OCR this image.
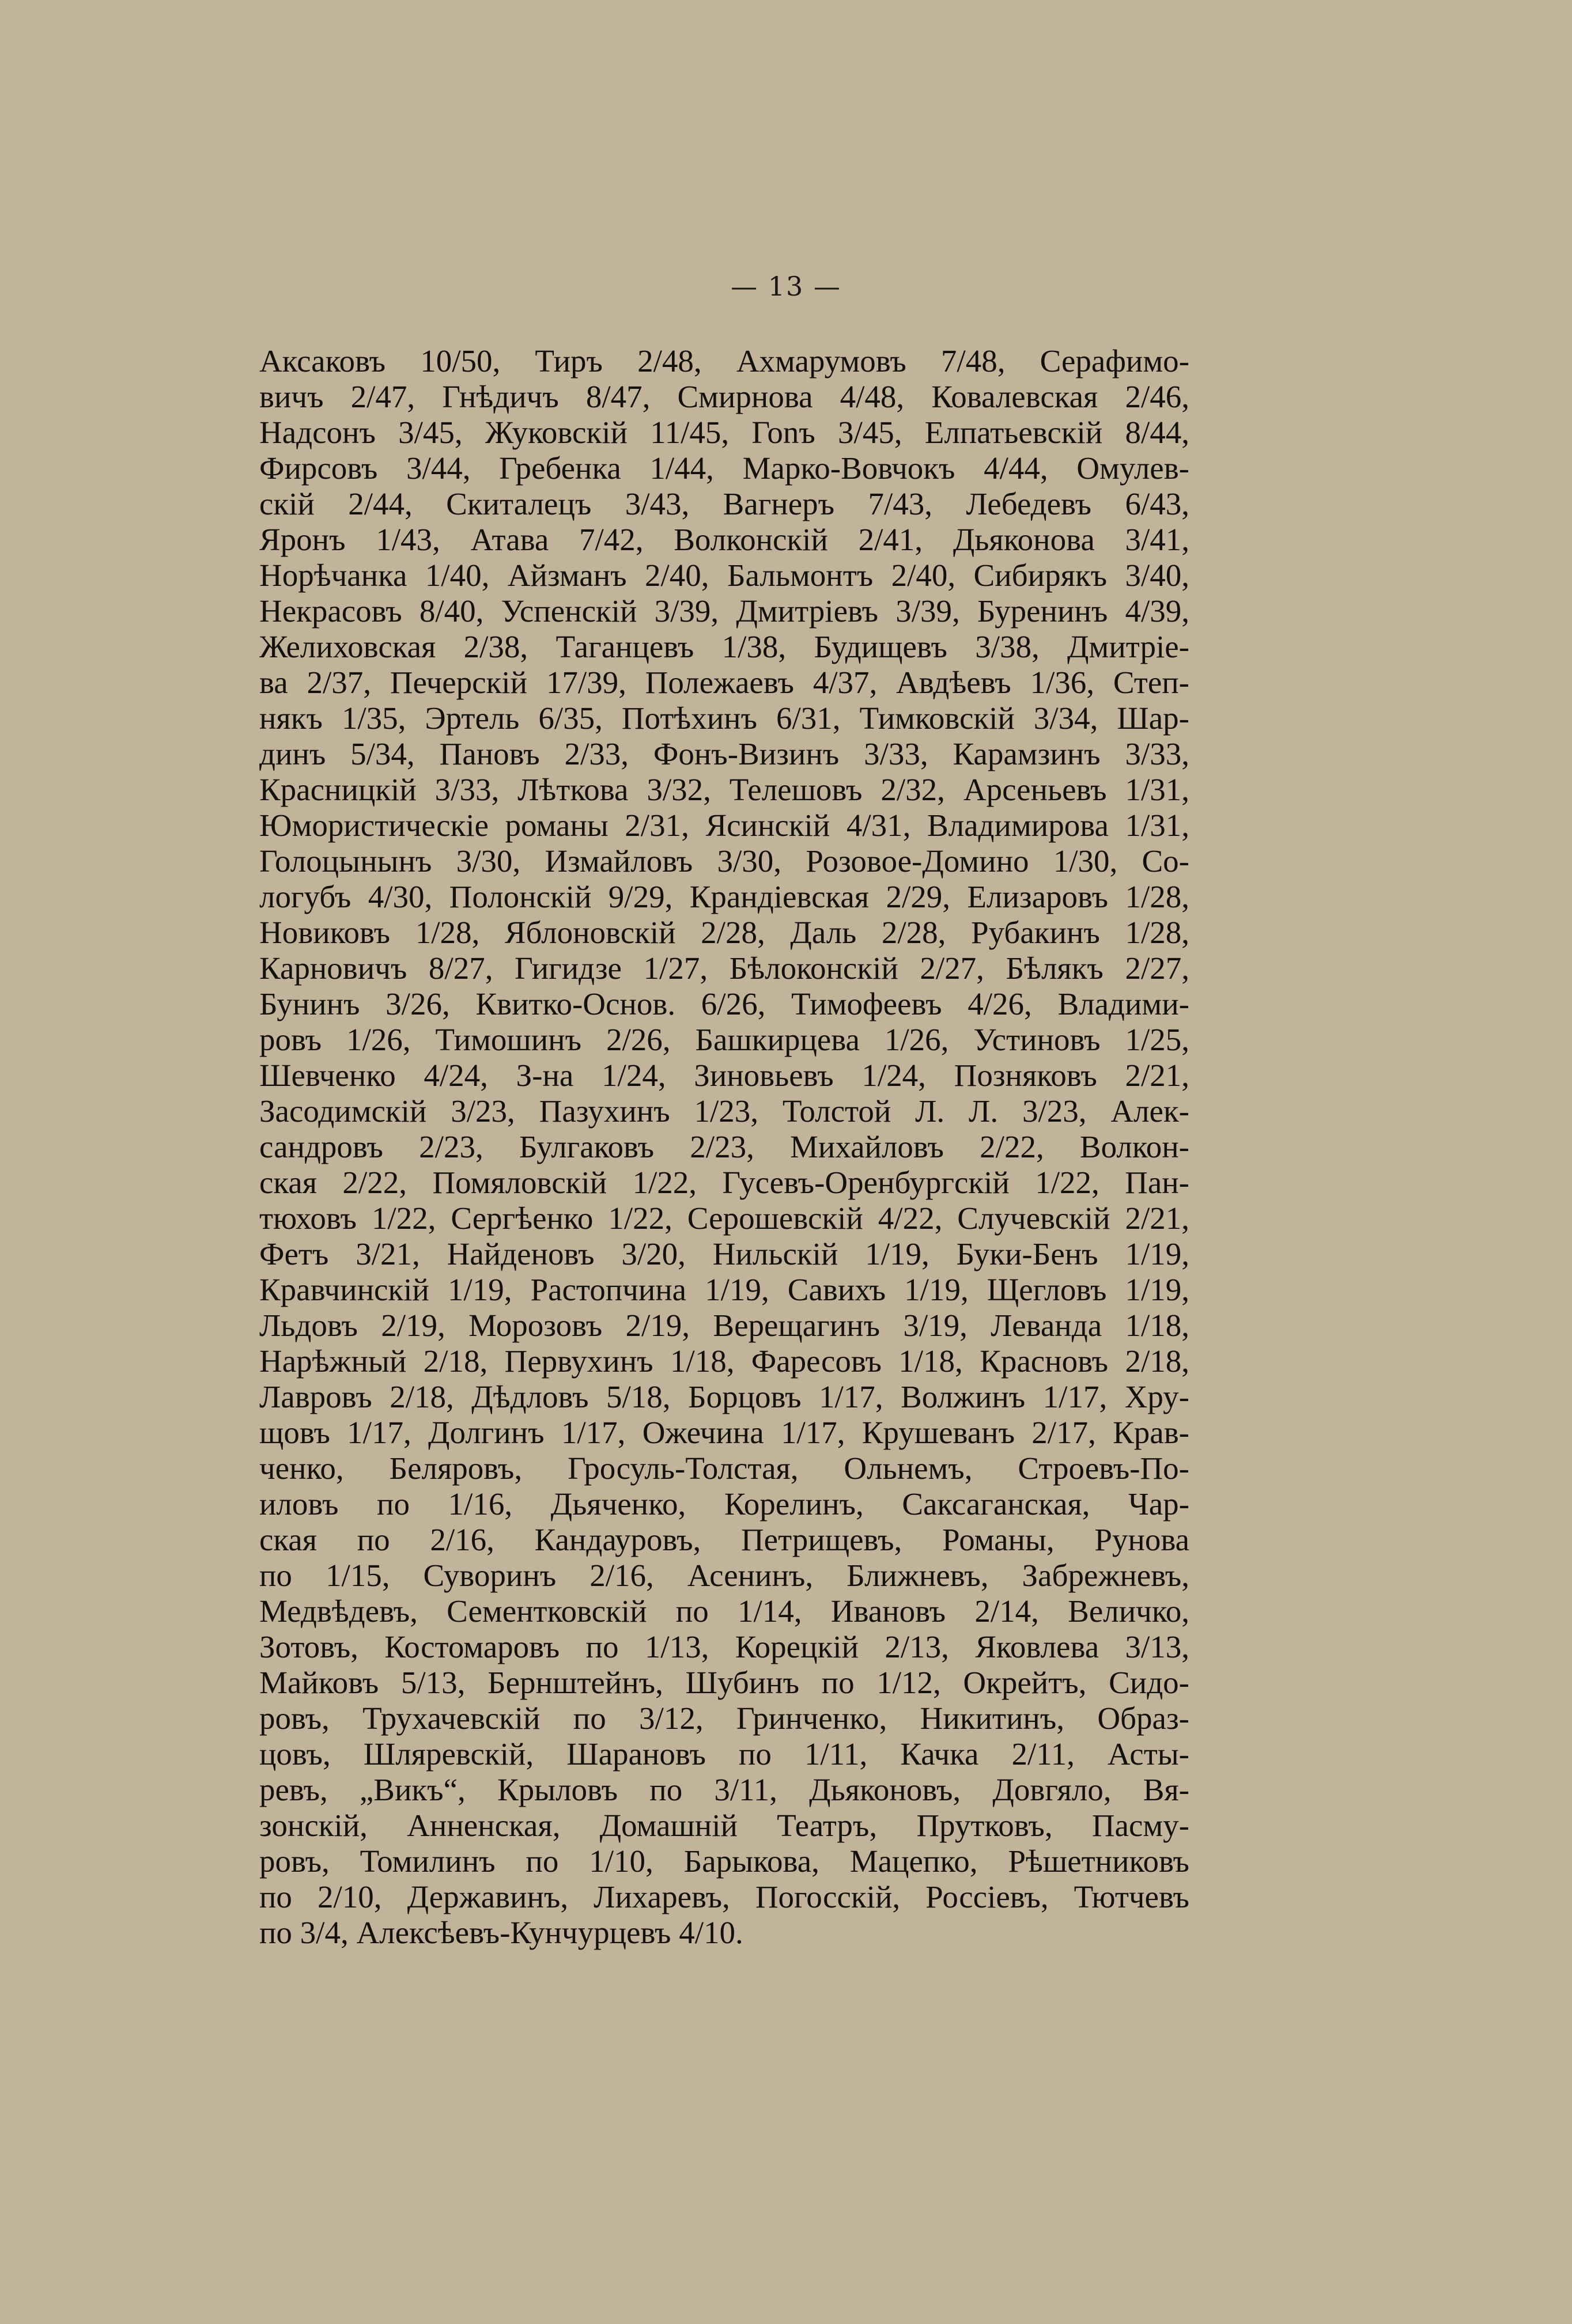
— 13 —
Аксаковъ 10/50, Тиръ 2/48, Ахмарумовъ 7/48, Серафимо-
вичъ 2/47, Гнѣдичъ 8/47, Смирнова 4/48, Ковалевская 2/46,
Надсонъ 3/45, Жуковскій 11/45, Гоnъ 3/45, Елпатьевскій 8/44,
Фирсовъ 3/44, Гребенка 1/44, Марко-Вовчокъ 4/44, Омулев-
скій 2/44, Скиталецъ 3/43, Вагнеръ 7/43, Лебедевъ 6/43,
Яронъ 1/43, Атава 7/42, Волконскій 2/41, Дьяконова 3/41,
Норѣчанка 1/40, Айзманъ 2/40, Бальмонтъ 2/40, Сибирякъ 3/40,
Некрасовъ 8/40, Успенскій 3/39, Дмитріевъ 3/39, Буренинъ 4/39,
Желиховская 2/38, Таганцевъ 1/38, Будищевъ 3/38, Дмитріе-
ва 2/37, Печерскій 17/39, Полежаевъ 4/37, Авдѣевъ 1/36, Степ-
някъ 1/35, Эртель 6/35, Потѣхинъ 6/31, Тимковскій 3/34, Шар-
динъ 5/34, Пановъ 2/33, Фонъ-Визинъ 3/33, Карамзинъ 3/33,
Красницкій 3/33, Лѣткова 3/32, Телешовъ 2/32, Арсеньевъ 1/31,
Юмористическіе романы 2/31, Ясинскій 4/31, Владимирова 1/31,
Голоцынынъ 3/30, Измайловъ 3/30, Розовое-Домино 1/30, Со-
логубъ 4/30, Полонскій 9/29, Крандіевская 2/29, Елизаровъ 1/28,
Новиковъ 1/28, Яблоновскій 2/28, Даль 2/28, Рубакинъ 1/28,
Карновичъ 8/27, Гигидзе 1/27, Бѣлоконскій 2/27, Бѣлякъ 2/27,
Бунинъ 3/26, Квитко-Основ. 6/26, Тимофеевъ 4/26, Владими-
ровъ 1/26, Тимошинъ 2/26, Башкирцева 1/26, Устиновъ 1/25,
Шевченко 4/24, З-на 1/24, Зиновьевъ 1/24, Позняковъ 2/21,
Засодимскій 3/23, Пазухинъ 1/23, Толстой Л. Л. 3/23, Алек-
сандровъ 2/23, Булгаковъ 2/23, Михайловъ 2/22, Волкон-
ская 2/22, Помяловскій 1/22, Гусевъ-Оренбургскій 1/22, Пан-
тюховъ 1/22, Сергѣенко 1/22, Серошевскій 4/22, Случевскій 2/21,
Фетъ 3/21, Найденовъ 3/20, Нильскій 1/19, Буки-Бенъ 1/19,
Кравчинскій 1/19, Растопчина 1/19, Савихъ 1/19, Щегловъ 1/19,
Льдовъ 2/19, Морозовъ 2/19, Верещагинъ 3/19, Леванда 1/18,
Нарѣжный 2/18, Первухинъ 1/18, Фаресовъ 1/18, Красновъ 2/18,
Лавровъ 2/18, Дѣдловъ 5/18, Борцовъ 1/17, Волжинъ 1/17, Хру-
щовъ 1/17, Долгинъ 1/17, Ожечина 1/17, Крушеванъ 2/17, Крав-
ченко, Беляровъ, Гросуль-Толстая, Ольнемъ, Строевъ-По-
иловъ по 1/16, Дьяченко, Корелинъ, Саксаганская, Чар-
ская по 2/16, Кандауровъ, Петрищевъ, Романы, Рунова
по 1/15, Суворинъ 2/16, Асенинъ, Ближневъ, Забрежневъ,
Медвѣдевъ, Сементковскій по 1/14, Ивановъ 2/14, Величко,
Зотовъ, Костомаровъ по 1/13, Корецкій 2/13, Яковлева 3/13,
Майковъ 5/13, Бернштейнъ, Шубинъ по 1/12, Окрейтъ, Сидо-
ровъ, Трухачевскій по 3/12, Гринченко, Никитинъ, Образ-
цовъ, Шляревскій, Шарановъ по 1/11, Качка 2/11, Асты-
ревъ, „Викъ“, Крыловъ по 3/11, Дьяконовъ, Довгяло, Вя-
зонскій, Анненская, Домашній Театръ, Прутковъ, Пасму-
ровъ, Томилинъ по 1/10, Барыкова, Мацепко, Рѣшетниковъ
по 2/10, Державинъ, Лихаревъ, Погосскій, Россіевъ, Тютчевъ
по 3/4, Алексѣевъ-Кунчурцевъ 4/10.
